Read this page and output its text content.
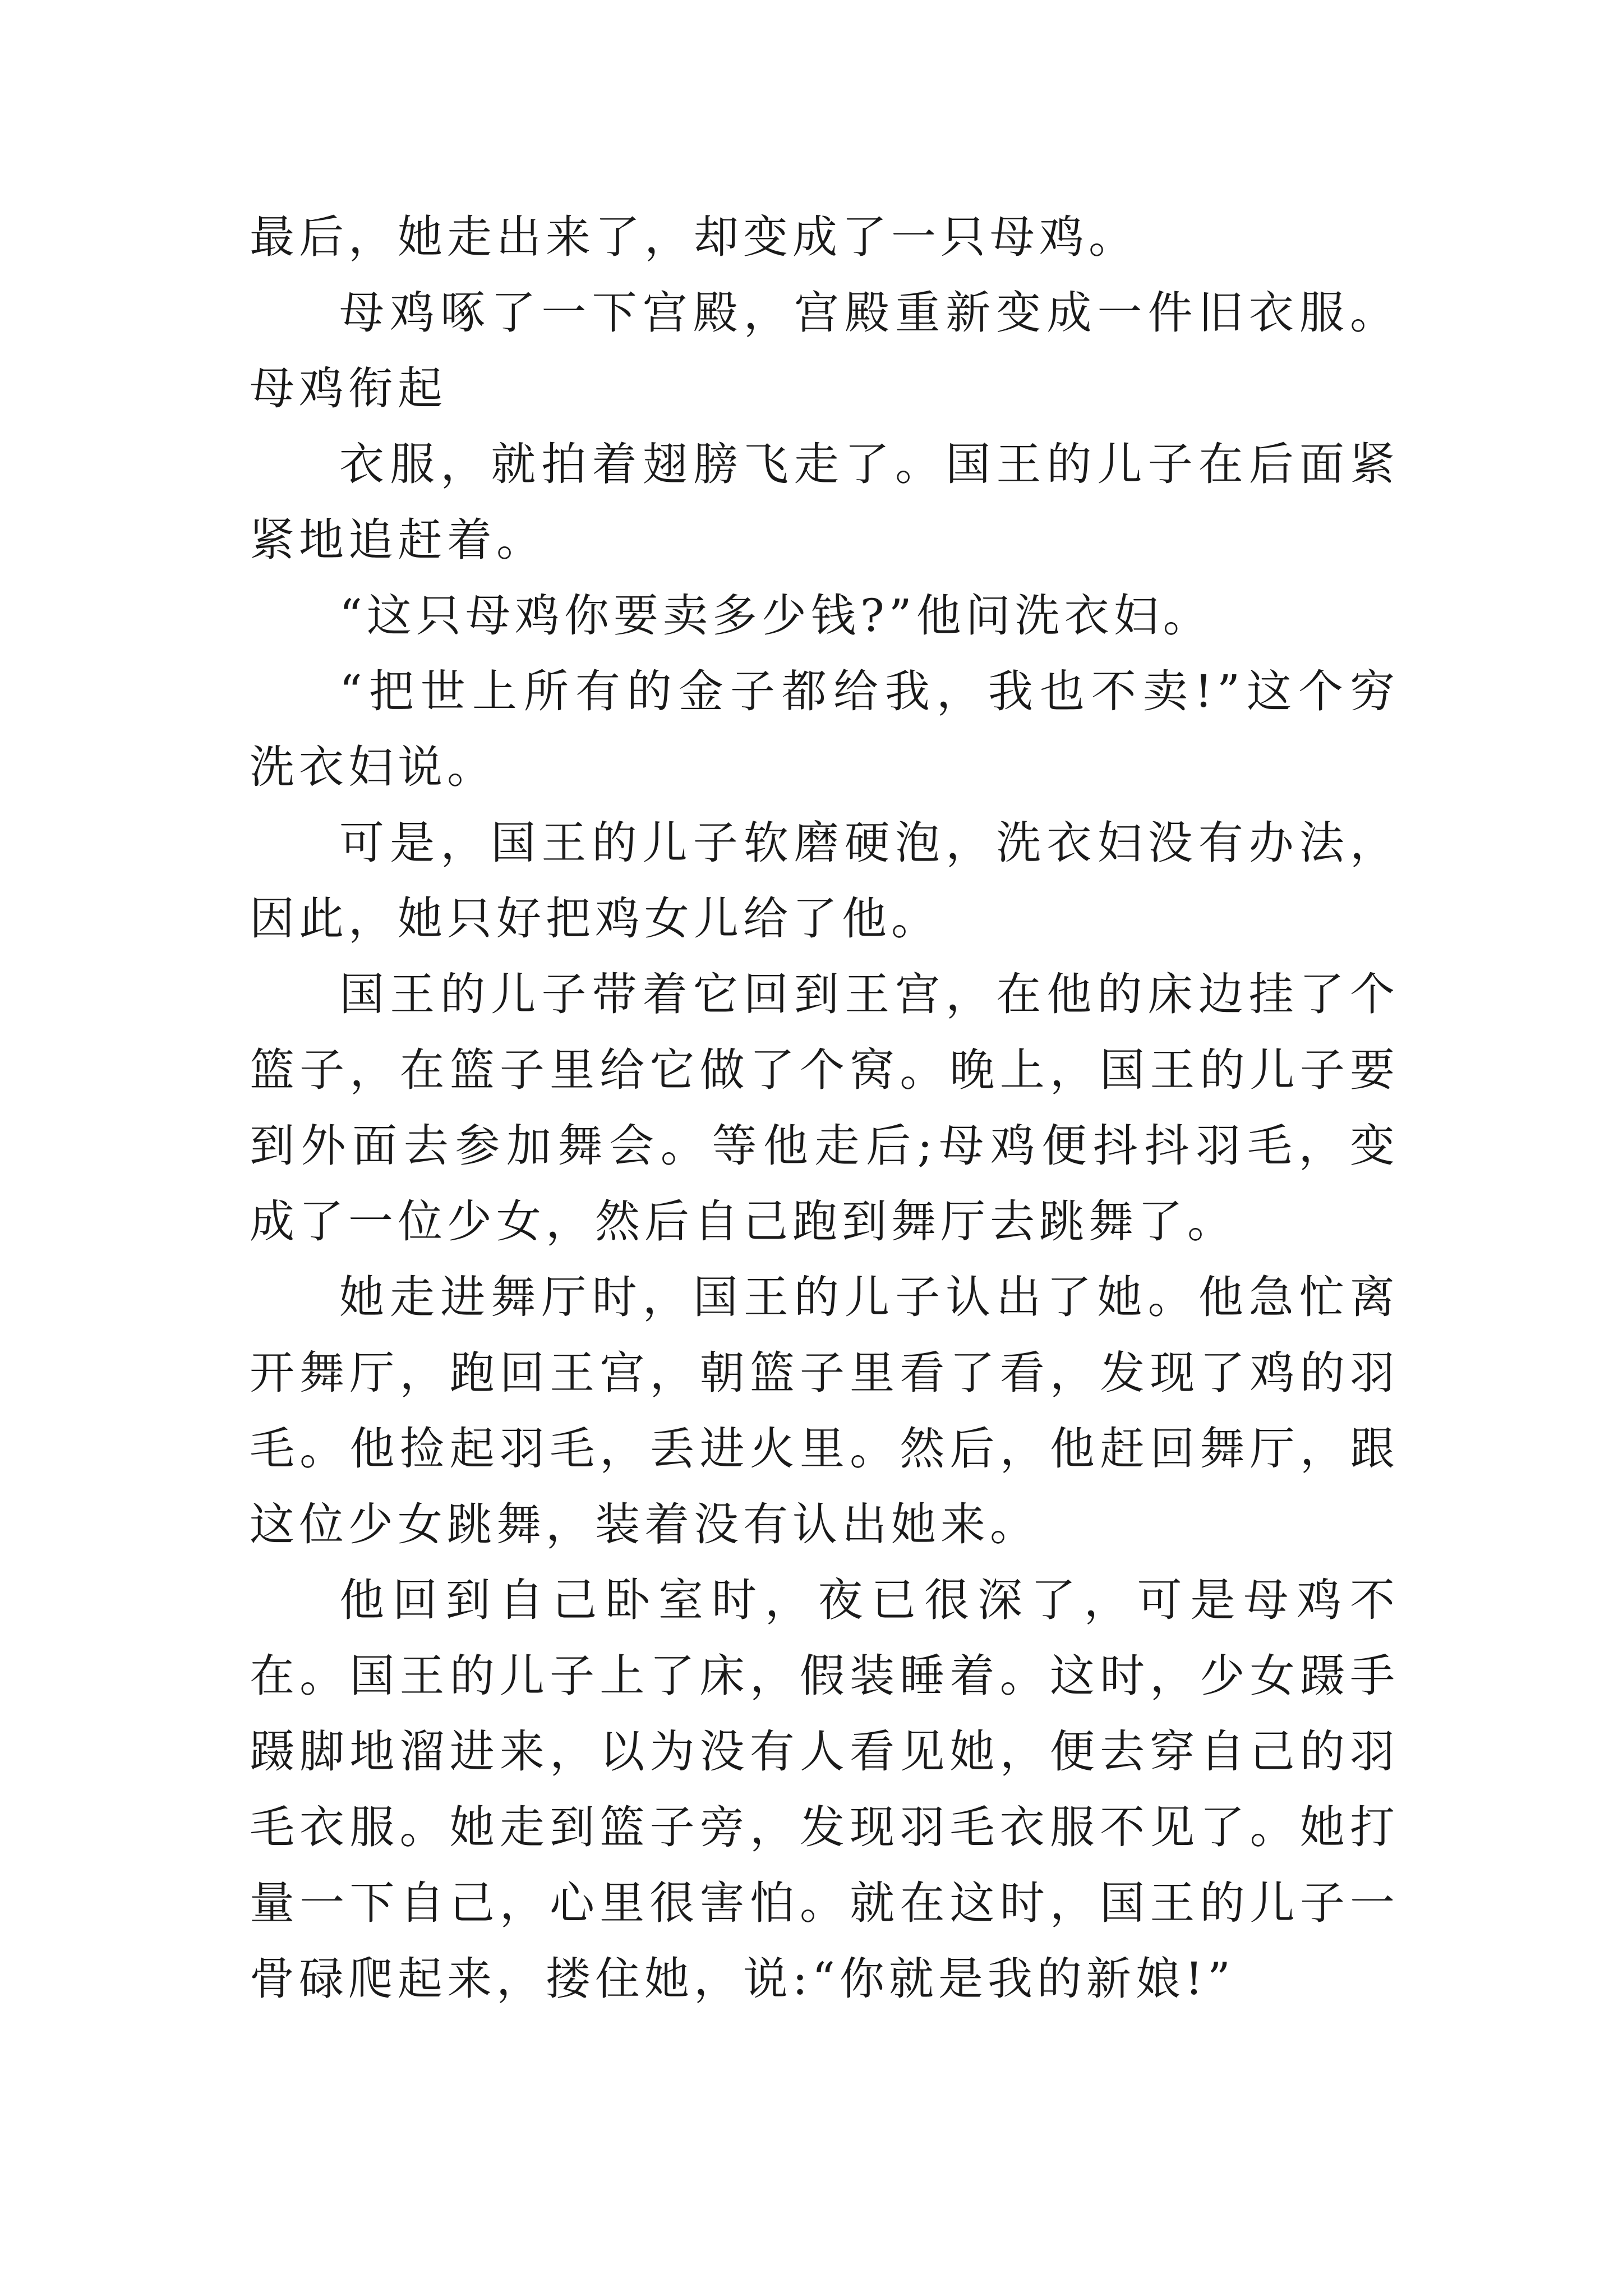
最后，她走出来了，却变成了一只母鸡。

母鸡啄了一下宫殿，宫殿重新变成一件旧衣服。母鸡衔起

衣服，就拍着翅膀飞走了。国王的儿子在后面紧紧地追赶着。

“这只母鸡你要卖多少钱?”他问洗衣妇。

“把世上所有的金子都给我，我也不卖!”这个穷洗衣妇说。

可是，国王的儿子软磨硬泡，洗衣妇没有办法，因此，她只好把鸡女儿给了他。

国王的儿子带着它回到王宫，在他的床边挂了个篮子，在篮子里给它做了个窝。晚上，国王的儿子要到外面去参加舞会。等他走后;母鸡便抖抖羽毛，变成了一位少女，然后自己跑到舞厅去跳舞了。

她走进舞厅时，国王的儿子认出了她。他急忙离开舞厅，跑回王宫，朝篮子里看了看，发现了鸡的羽毛。他捡起羽毛，丢进火里。然后，他赶回舞厅，跟这位少女跳舞，装着没有认出她来。

他回到自己卧室时，夜已很深了，可是母鸡不在。国王的儿子上了床，假装睡着。这时，少女蹑手蹑脚地溜进来，以为没有人看见她，便去穿自己的羽毛衣服。她走到篮子旁，发现羽毛衣服不见了。她打量一下自己，心里很害怕。就在这时，国王的儿子一骨碌爬起来，搂住她，说:“你就是我的新娘!”
